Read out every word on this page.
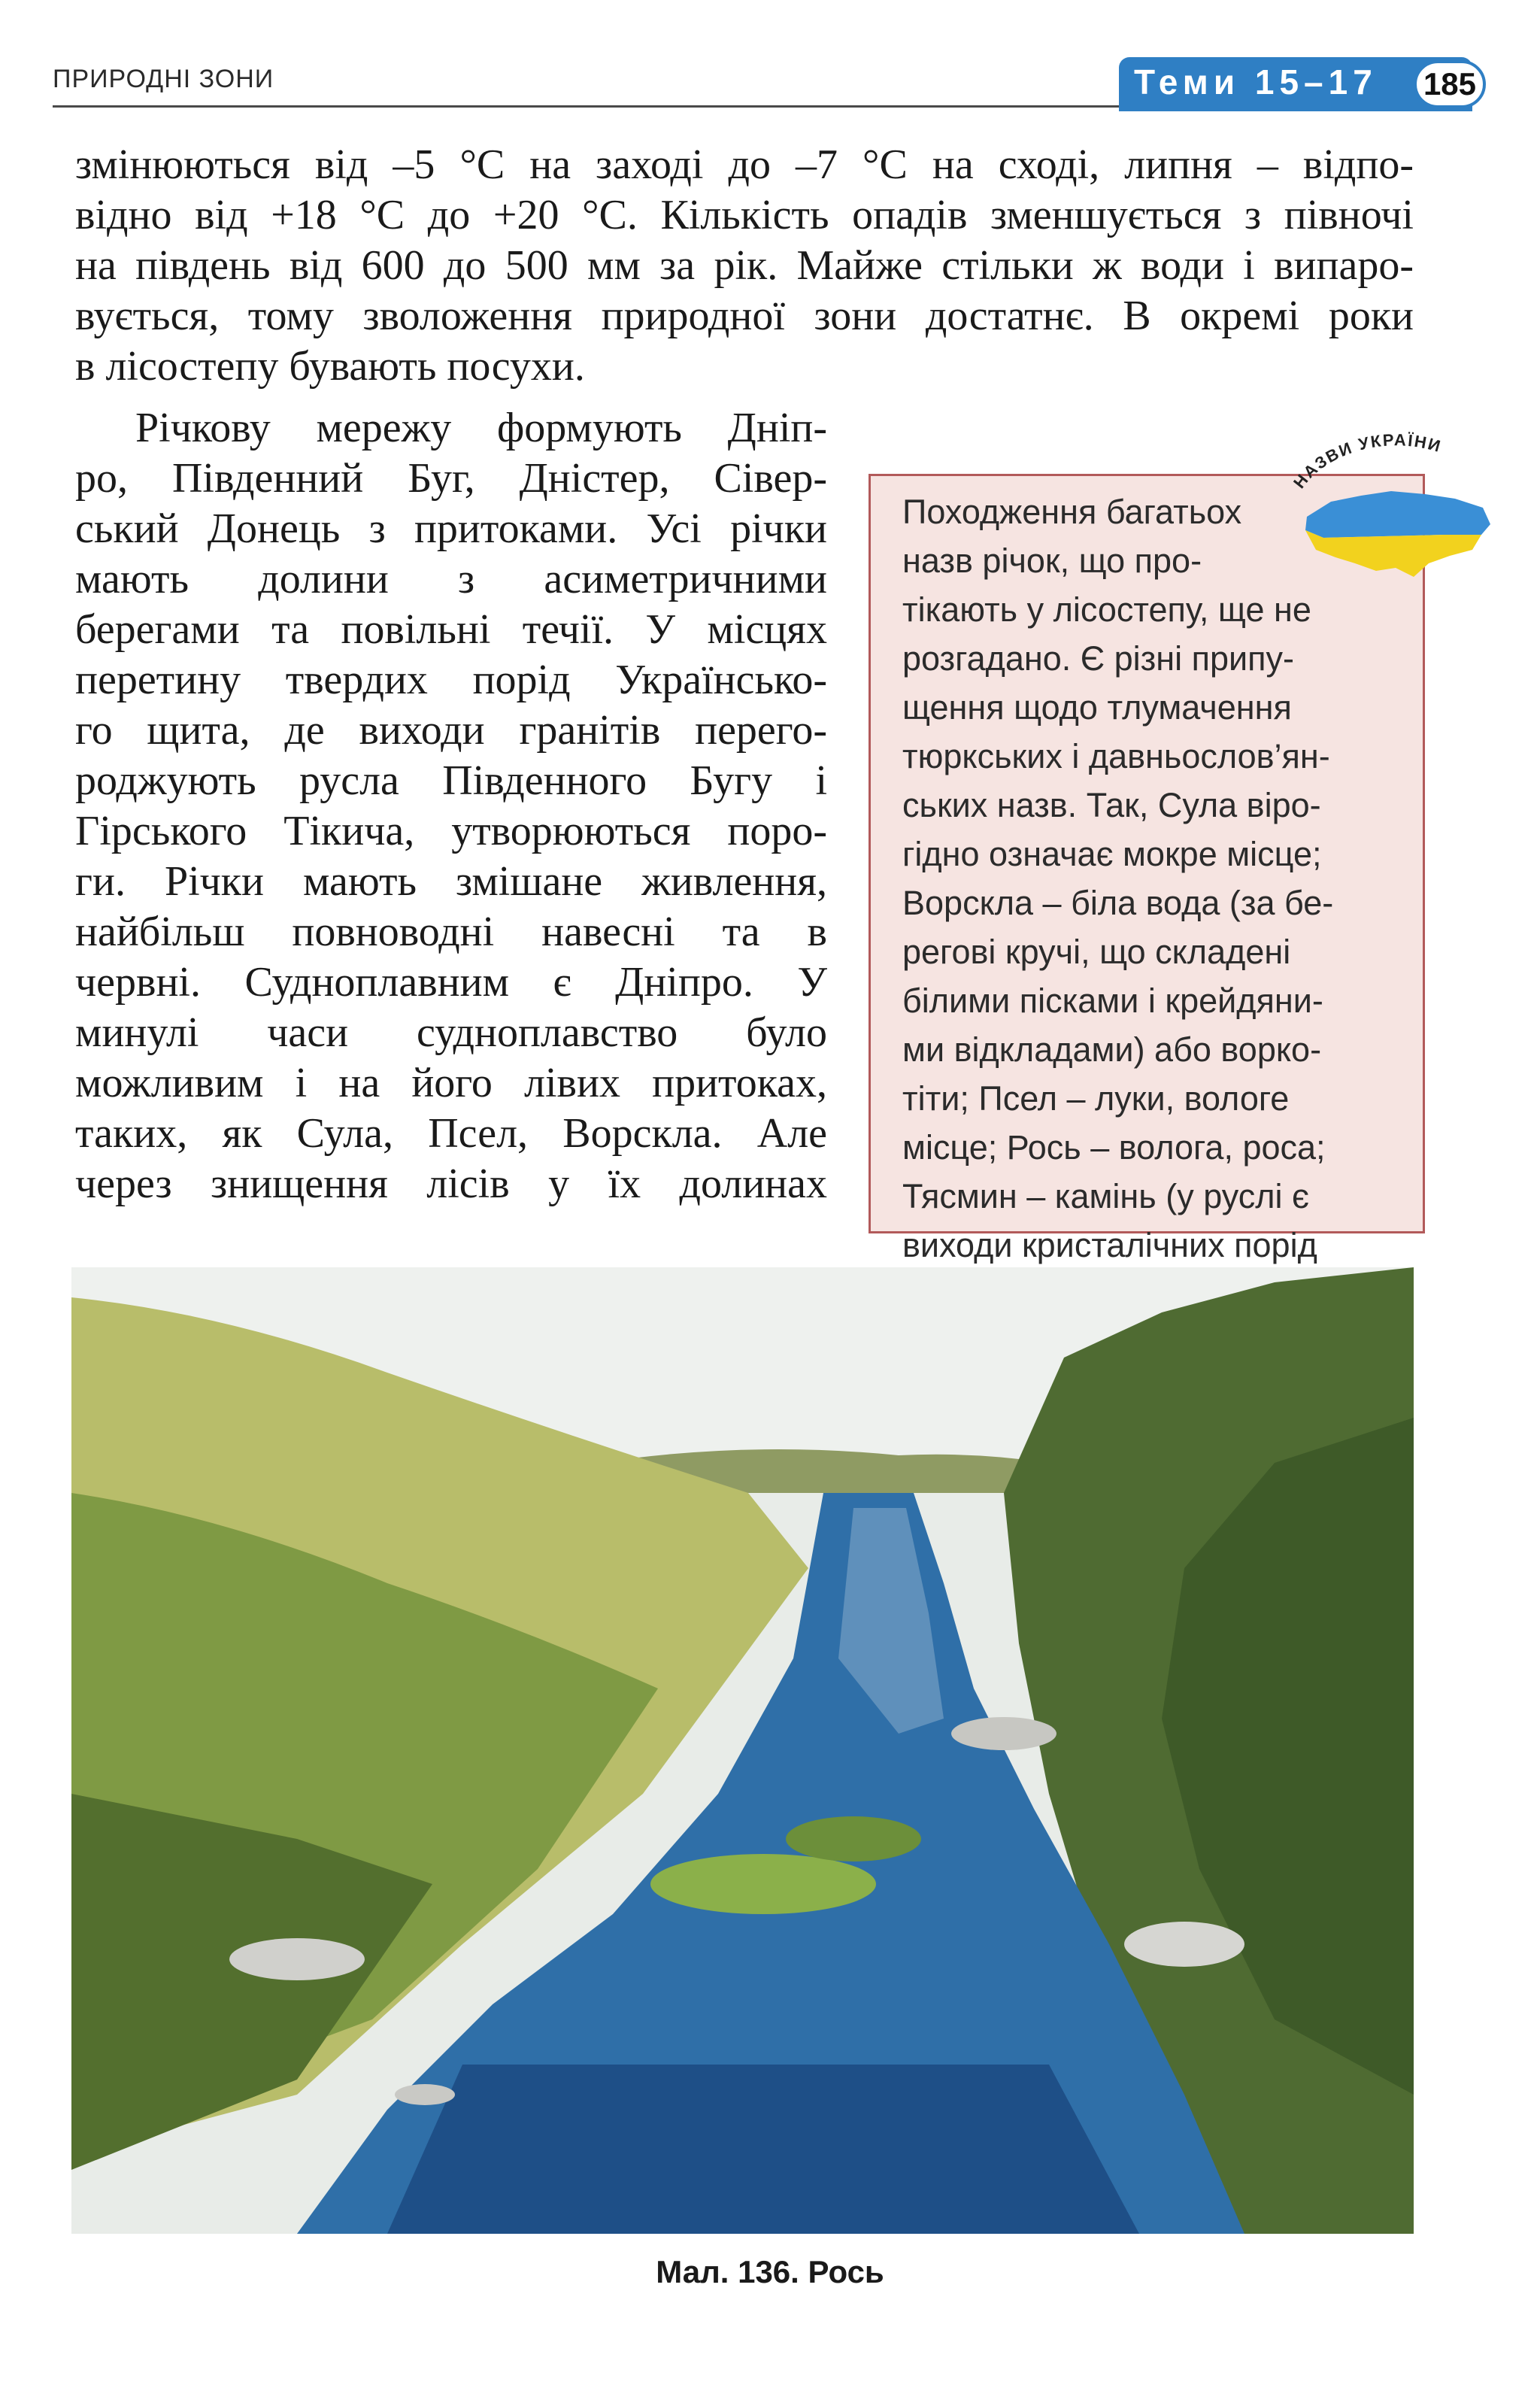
ПРИРОДНІ ЗОНИ	Теми 15–17	185
змінюються від –5 °С на заході до –7 °С на сході, липня – відпо-
відно від +18 °С до +20 °С. Кількість опадів зменшується з півночі
на південь від 600 до 500 мм за рік. Майже стільки ж води і випаро-
вується, тому зволоження природної зони достатнє. В окремі роки
в лісостепу бувають посухи.
Річкову мережу формують Дніп-
ро, Південний Буг, Дністер, Сівер-
ський Донець з притоками. Усі річки
мають долини з асиметричними
берегами та повільні течії. У місцях
перетину твердих порід Українсько-
го щита, де виходи гранітів перего-
роджують русла Південного Бугу і
Гірського Тікича, утворюються поро-
ги. Річки мають змішане живлення,
найбільш повноводні навесні та в
червні. Судноплавним є Дніпро. У
минулі часи судноплавство було
можливим і на його лівих притоках,
таких, як Сула, Псел, Ворскла. Але
через знищення лісів у їх долинах
Походження багатьох
назв річок, що про-
тікають у лісостепу, ще не
розгадано. Є різні припу-
щення щодо тлумачення
тюркських і давньослов’ян-
ських назв. Так, Сула віро-
гідно означає мокре місце;
Ворскла – біла вода (за бе-
регові кручі, що складені
білими пісками і крейдяни-
ми відкладами) або ворко-
тіти; Псел – луки, вологе
місце; Рось – волога, роса;
Тясмин – камінь (у руслі є
виходи кристалічних порід
НАЗВИ УКРАЇНИ
Мал. 136. Рось
